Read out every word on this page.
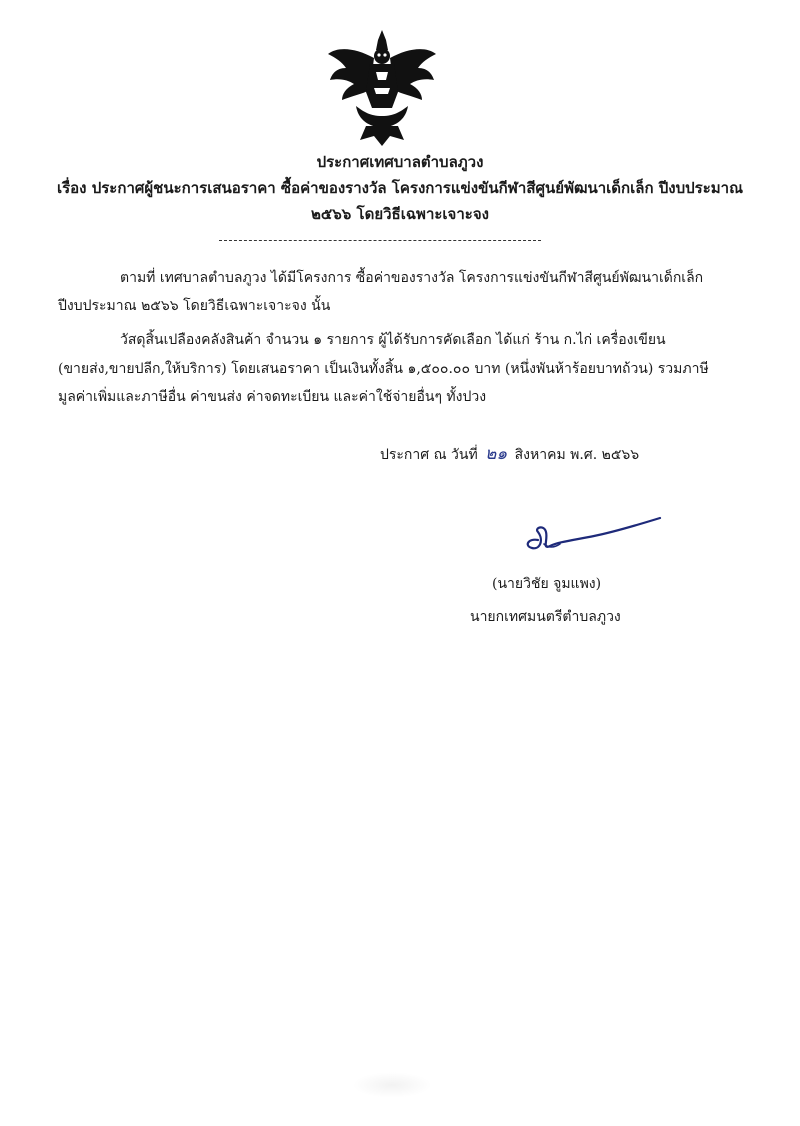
ประกาศเทศบาลตำบลภูวง
เรื่อง ประกาศผู้ชนะการเสนอราคา ซื้อค่าของรางวัล โครงการแข่งขันกีฬาสีศูนย์พัฒนาเด็กเล็ก ปีงบประมาณ
๒๕๖๖ โดยวิธีเฉพาะเจาะจง
ตามที่ เทศบาลตำบลภูวง ได้มีโครงการ ซื้อค่าของรางวัล โครงการแข่งขันกีฬาสีศูนย์พัฒนาเด็กเล็ก
ปีงบประมาณ ๒๕๖๖ โดยวิธีเฉพาะเจาะจง นั้น
วัสดุสิ้นเปลืองคลังสินค้า จำนวน ๑ รายการ ผู้ได้รับการคัดเลือก ได้แก่ ร้าน ก.ไก่ เครื่องเขียน
(ขายส่ง,ขายปลีก,ให้บริการ) โดยเสนอราคา เป็นเงินทั้งสิ้น ๑,๕๐๐.๐๐ บาท (หนึ่งพันห้าร้อยบาทถ้วน) รวมภาษี
มูลค่าเพิ่มและภาษีอื่น ค่าขนส่ง ค่าจดทะเบียน และค่าใช้จ่ายอื่นๆ ทั้งปวง
ประกาศ ณ วันที่ ๒๑ สิงหาคม พ.ศ. ๒๕๖๖
(นายวิชัย จูมแพง)
นายกเทศมนตรีตำบลภูวง
